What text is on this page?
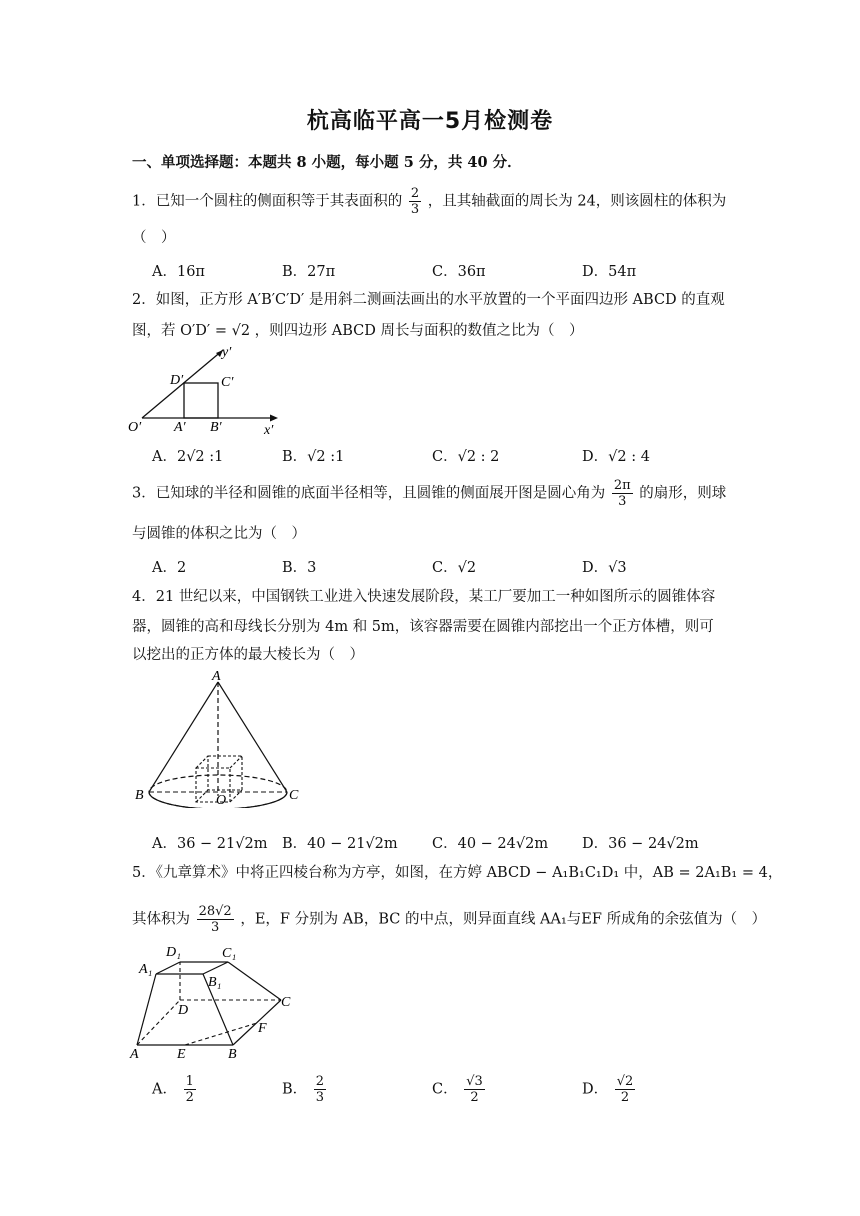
杭高临平高一5月检测卷
一、单项选择题：本题共 8 小题，每小题 5 分，共 40 分．
1．已知一个圆柱的侧面积等于其表面积的 $\frac{2}{3}$ ，且其轴截面的周长为 24，则该圆柱的体积为
（　）
A．16π	B．27π	C．36π	D．54π
2．如图，正方形 A′B′C′D′ 是用斜二测画法画出的水平放置的一个平面四边形 ABCD 的直观
图，若 O′D′ = √2 ，则四边形 ABCD 周长与面积的数值之比为（　）
y′
D′	C′
O′ A′ B′	x′
A．2√2 :1	B．√2 :1	C．√2 : 2	D．√2 : 4
3．已知球的半径和圆锥的底面半径相等，且圆锥的侧面展开图是圆心角为 $\frac{2\pi}{3}$ 的扇形，则球
与圆锥的体积之比为（　）
A．2	B．3	C．√2	D．√3
4．21 世纪以来，中国钢铁工业进入快速发展阶段，某工厂要加工一种如图所示的圆锥体容
器，圆锥的高和母线长分别为 4m 和 5m，该容器需要在圆锥内部挖出一个正方体槽，则可
以挖出的正方体的最大棱长为（　）
A
B	C
O
A．36 − 21√2m B．40 − 21√2m C．40 − 24√2m D．36 − 24√2m
5．《九章算术》中将正四棱台称为方亭，如图，在方婷 ABCD − A₁B₁C₁D₁ 中，AB = 2A₁B₁ = 4，
其体积为 $\frac{28√2}{3}$ ，E，F 分别为 AB，BC 的中点，则异面直线 AA₁与EF 所成角的余弦值为（　）
D₁	C₁
A₁
B₁
D
C
F
A	E	B
A． $\frac{1}{2}$	B． $\frac{2}{3}$	C． $\frac{√3}{2}$	D． $\frac{√2}{2}$
